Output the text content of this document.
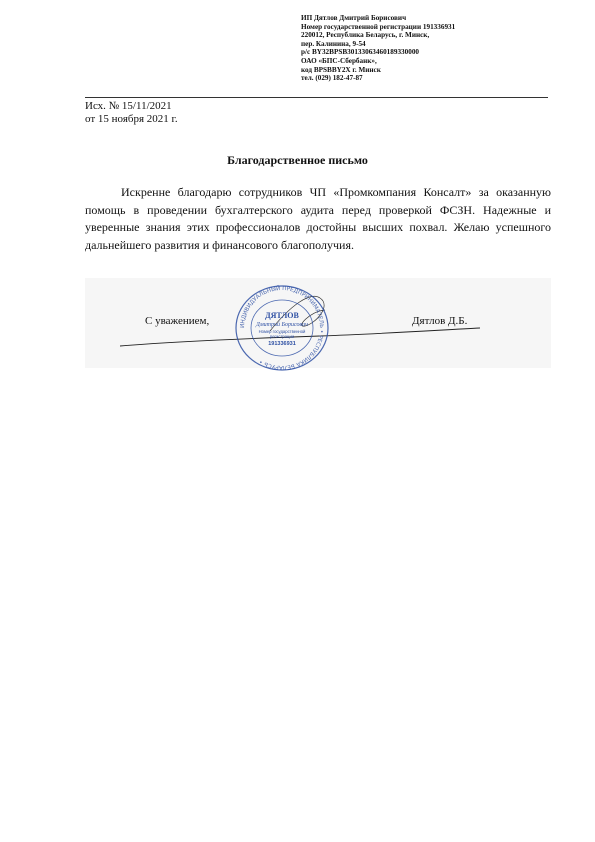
ИП Дятлов Дмитрий Борисович
Номер государственной регистрации 191336931
220012, Республика Беларусь, г. Минск,
пер. Калинина, 9-54
р/с BY32BPSB30133063460189330000
ОАО «БПС-Сбербанк»,
код BPSBBY2X г. Минск
тел. (029) 182-47-87
Исх. № 15/11/2021
от 15 ноября 2021 г.
Благодарственное письмо
Искренне благодарю сотрудников ЧП «Промкомпания Консалт» за оказанную помощь в проведении бухгалтерского аудита перед проверкой ФСЗН. Надежные и уверенные знания этих профессионалов достойны высших похвал. Желаю успешного дальнейшего развития и финансового благополучия.
С уважением,	Дятлов Д.Б.
ИНДИВИДУАЛЬНЫЙ ПРЕДПРИНИМАТЕЛЬ • РЕСПУБЛИКА БЕЛАРУСЬ •
ДЯТЛОВ
Дмитрий Борисович
Номер государственной
регистрации
191336931
